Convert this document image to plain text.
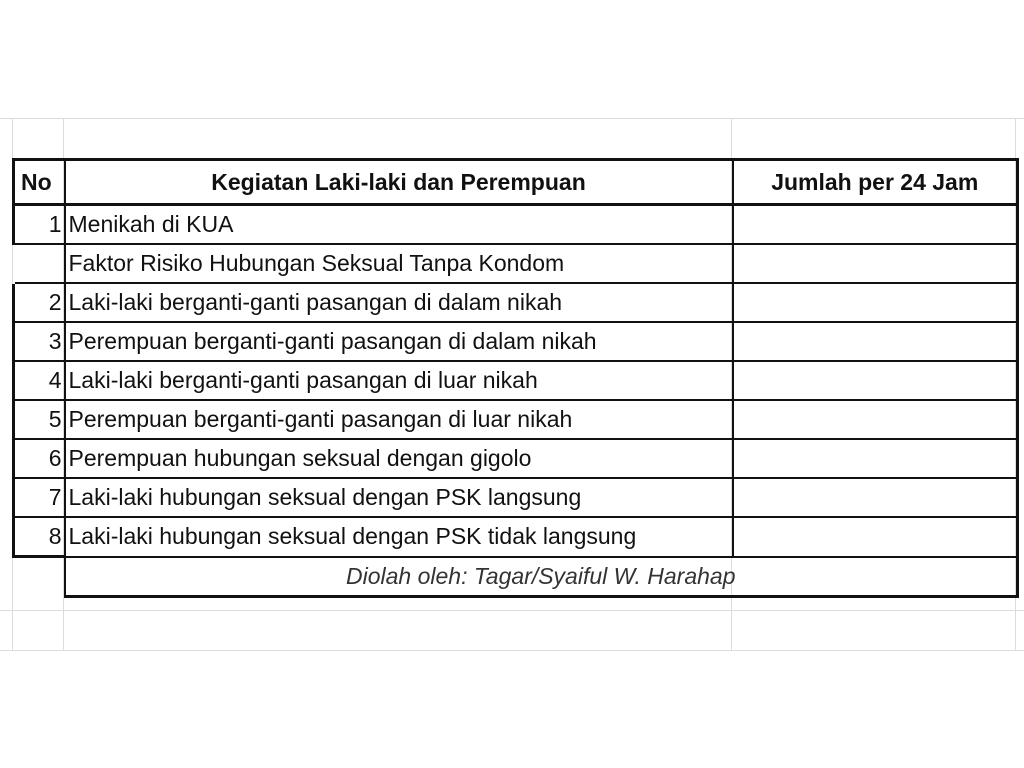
No	Kegiatan Laki-laki dan Perempuan	Jumlah per 24 Jam
1	Menikah di KUA	
	Faktor Risiko Hubungan Seksual Tanpa Kondom	
2	Laki-laki berganti-ganti pasangan di dalam nikah	
3	Perempuan berganti-ganti pasangan di dalam nikah	
4	Laki-laki berganti-ganti pasangan di luar nikah	
5	Perempuan berganti-ganti pasangan di luar nikah	
6	Perempuan hubungan seksual dengan gigolo	
7	Laki-laki hubungan seksual dengan PSK langsung	
8	Laki-laki hubungan seksual dengan PSK tidak langsung	
	Diolah oleh: Tagar/Syaiful W. Harahap	
